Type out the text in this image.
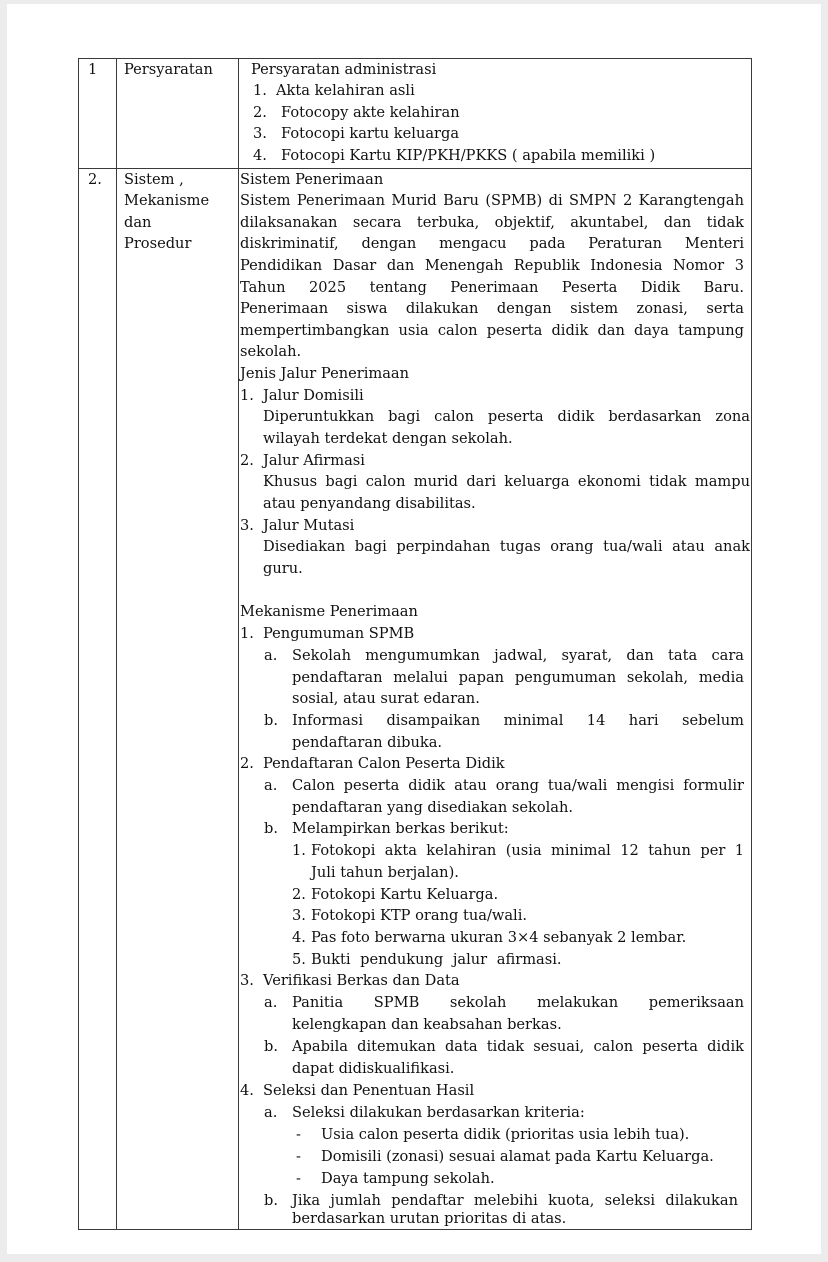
1 Persyaratan	Persyaratan administrasi
1. Akta kelahiran asli
2. Fotocopy akte kelahiran
3. Fotocopi kartu keluarga
4. Fotocopi Kartu KIP/PKH/PKKS ( apabila memiliki )
2. Sistem ,
Mekanisme
dan
Prosedur
Sistem Penerimaan
Sistem Penerimaan Murid Baru (SPMB) di SMPN 2 Karangtengah
dilaksanakan secara terbuka, objektif, akuntabel, dan tidak
diskriminatif, dengan mengacu pada Peraturan Menteri
Pendidikan Dasar dan Menengah Republik Indonesia Nomor 3
Tahun 2025 tentang Penerimaan Peserta Didik Baru.
Penerimaan siswa dilakukan dengan sistem zonasi, serta
mempertimbangkan usia calon peserta didik dan daya tampung
sekolah.
Jenis Jalur Penerimaan
1. Jalur Domisili
Diperuntukkan bagi calon peserta didik berdasarkan zona
wilayah terdekat dengan sekolah.
2. Jalur Afirmasi
Khusus bagi calon murid dari keluarga ekonomi tidak mampu
atau penyandang disabilitas.
3. Jalur Mutasi
Disediakan bagi perpindahan tugas orang tua/wali atau anak
guru.
Mekanisme Penerimaan
1. Pengumuman SPMB
a. Sekolah mengumumkan jadwal, syarat, dan tata cara
pendaftaran melalui papan pengumuman sekolah, media
sosial, atau surat edaran.
b. Informasi disampaikan minimal 14 hari sebelum
pendaftaran dibuka.
2. Pendaftaran Calon Peserta Didik
a. Calon peserta didik atau orang tua/wali mengisi formulir
pendaftaran yang disediakan sekolah.
b. Melampirkan berkas berikut:
1. Fotokopi akta kelahiran (usia minimal 12 tahun per 1
Juli tahun berjalan).
2. Fotokopi Kartu Keluarga.
3. Fotokopi KTP orang tua/wali.
4. Pas foto berwarna ukuran 3×4 sebanyak 2 lembar.
5. Bukti pendukung jalur afirmasi.
3. Verifikasi Berkas dan Data
a. Panitia SPMB sekolah melakukan pemeriksaan
kelengkapan dan keabsahan berkas.
b. Apabila ditemukan data tidak sesuai, calon peserta didik
dapat didiskualifikasi.
4. Seleksi dan Penentuan Hasil
a. Seleksi dilakukan berdasarkan kriteria:
- Usia calon peserta didik (prioritas usia lebih tua).
- Domisili (zonasi) sesuai alamat pada Kartu Keluarga.
- Daya tampung sekolah.
b. Jika jumlah pendaftar melebihi kuota, seleksi dilakukan
berdasarkan urutan prioritas di atas.
